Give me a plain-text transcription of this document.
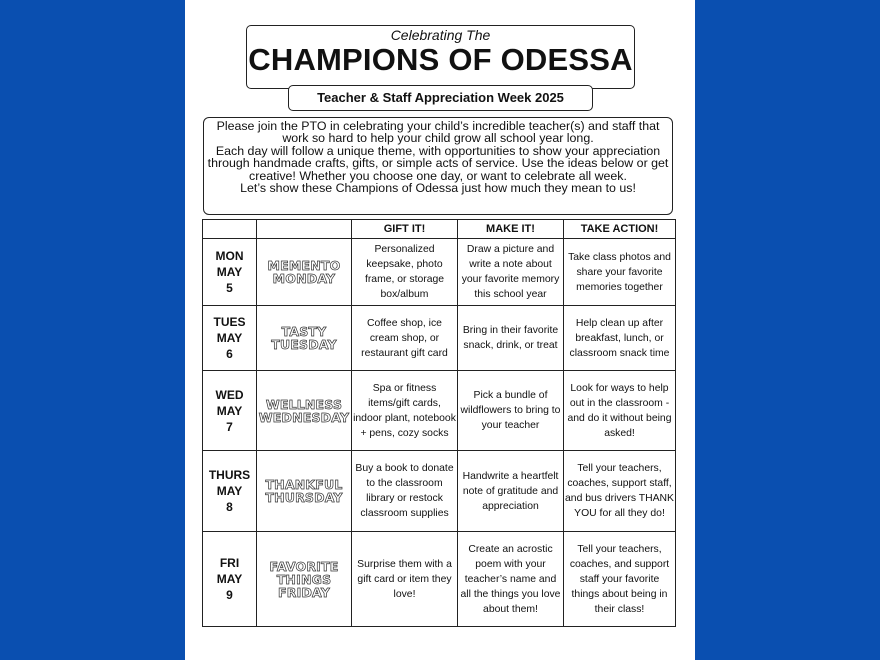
Celebrating The
CHAMPIONS OF ODESSA
Teacher & Staff Appreciation Week 2025

Please join the PTO in celebrating your child’s incredible teacher(s) and staff that work so hard to help your child grow all school year long.

Each day will follow a unique theme, with opportunities to show your appreciation through handmade crafts, gifts, or simple acts of service. Use the ideas below or get creative! Whether you choose one day, or want to celebrate all week.

Let’s show these Champions of Odessa just how much they mean to us!

		GIFT IT!	MAKE IT!	TAKE ACTION!
MON
MAY
5	MEMENTO MONDAY	Personalized keepsake, photo frame, or storage box/album	Draw a picture and write a note about your favorite memory this school year	Take class photos and share your favorite memories together
TUES
MAY
6	TASTY TUESDAY	Coffee shop, ice cream shop, or restaurant gift card	Bring in their favorite snack, drink, or treat	Help clean up after breakfast, lunch, or classroom snack time
WED
MAY
7	WELLNESS WEDNESDAY	Spa or fitness items/gift cards, indoor plant, notebook + pens, cozy socks	Pick a bundle of wildflowers to bring to your teacher	Look for ways to help out in the classroom - and do it without being asked!
THURS
MAY
8	THANKFUL THURSDAY	Buy a book to donate to the classroom library or restock classroom supplies	Handwrite a heartfelt note of gratitude and appreciation	Tell your teachers, coaches, support staff, and bus drivers THANK YOU for all they do!
FRI
MAY
9	FAVORITE THINGS FRIDAY	Surprise them with a gift card or item they love!	Create an acrostic poem with your teacher’s name and all the things you love about them!	Tell your teachers, coaches, and support staff your favorite things about being in their class!
